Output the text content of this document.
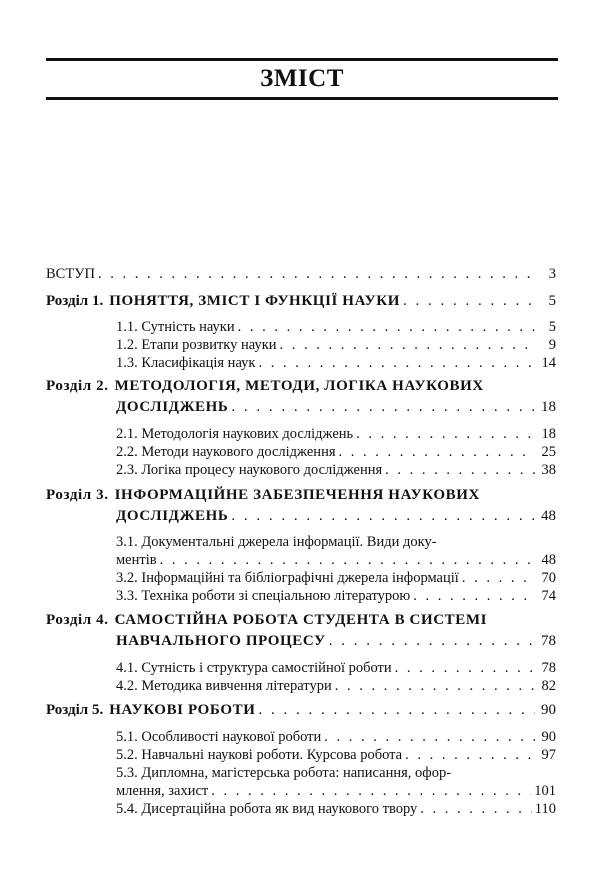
ЗМІСТ
ВСТУП . . .	3
Розділ 1. ПОНЯТТЯ, ЗМІСТ І ФУНКЦІЇ НАУКИ . . .	5
1.1. Сутність науки . . .	5
1.2. Етапи розвитку науки . . .	9
1.3. Класифікація наук . . .	14
Розділ 2. МЕТОДОЛОГІЯ, МЕТОДИ, ЛОГІКА НАУКОВИХ
ДОСЛІДЖЕНЬ . . .	18
2.1. Методологія наукових досліджень . . .	18
2.2. Методи наукового дослідження . . .	25
2.3. Логіка процесу наукового дослідження . . .	38
Розділ 3. ІНФОРМАЦІЙНЕ ЗАБЕЗПЕЧЕННЯ НАУКОВИХ
ДОСЛІДЖЕНЬ . . .	48
3.1. Документальні джерела інформації. Види доку-
ментів . . .	48
3.2. Інформаційні та бібліографічні джерела інформації . . .	70
3.3. Техніка роботи зі спеціальною літературою . . .	74
Розділ 4. САМОСТІЙНА РОБОТА СТУДЕНТА В СИСТЕМІ
НАВЧАЛЬНОГО ПРОЦЕСУ . . .	78
4.1. Сутність і структура самостійної роботи . . .	78
4.2. Методика вивчення літератури . . .	82
Розділ 5. НАУКОВІ РОБОТИ . . .	90
5.1. Особливості наукової роботи . . .	90
5.2. Навчальні наукові роботи. Курсова робота . . .	97
5.3. Дипломна, магістерська робота: написання, офор-
млення, захист . . .	101
5.4. Дисертаційна робота як вид наукового твору . . .	110
